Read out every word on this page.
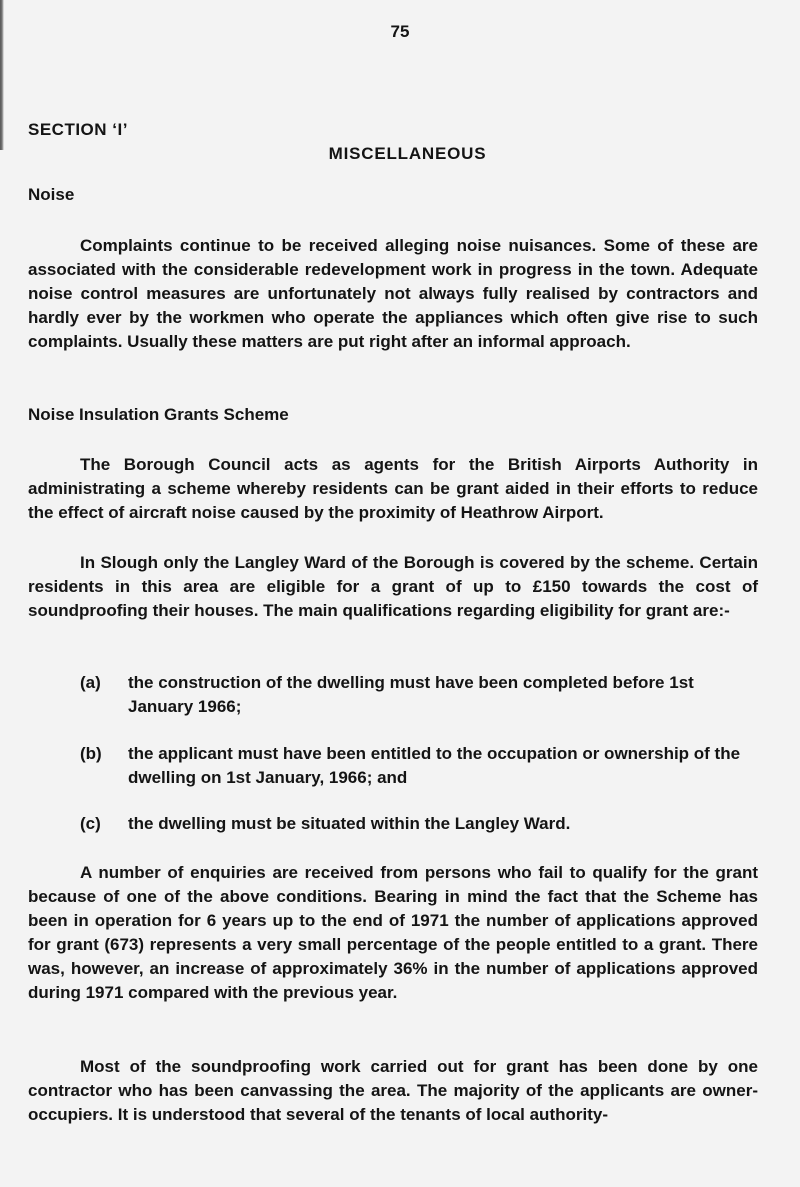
75
SECTION ‘I’
MISCELLANEOUS
Noise
Complaints continue to be received alleging noise nuisances. Some of these are associated with the considerable redevelopment work in progress in the town. Adequate noise control measures are unfortunately not always fully realised by contractors and hardly ever by the workmen who operate the appliances which often give rise to such complaints. Usually these matters are put right after an informal approach.
Noise Insulation Grants Scheme
The Borough Council acts as agents for the British Airports Authority in administrating a scheme whereby residents can be grant aided in their efforts to reduce the effect of aircraft noise caused by the proximity of Heathrow Airport.
In Slough only the Langley Ward of the Borough is covered by the scheme. Certain residents in this area are eligible for a grant of up to £150 towards the cost of soundproofing their houses. The main qualifications regarding eligibility for grant are:-
(a) the construction of the dwelling must have been completed before 1st January 1966;
(b) the applicant must have been entitled to the occupation or ownership of the dwelling on 1st January, 1966; and
(c) the dwelling must be situated within the Langley Ward.
A number of enquiries are received from persons who fail to qualify for the grant because of one of the above conditions. Bearing in mind the fact that the Scheme has been in operation for 6 years up to the end of 1971 the number of applications approved for grant (673) represents a very small percentage of the people entitled to a grant. There was, however, an increase of approximately 36% in the number of applications approved during 1971 compared with the previous year.
Most of the soundproofing work carried out for grant has been done by one contractor who has been canvassing the area. The majority of the applicants are owner-occupiers. It is understood that several of the tenants of local authority-
